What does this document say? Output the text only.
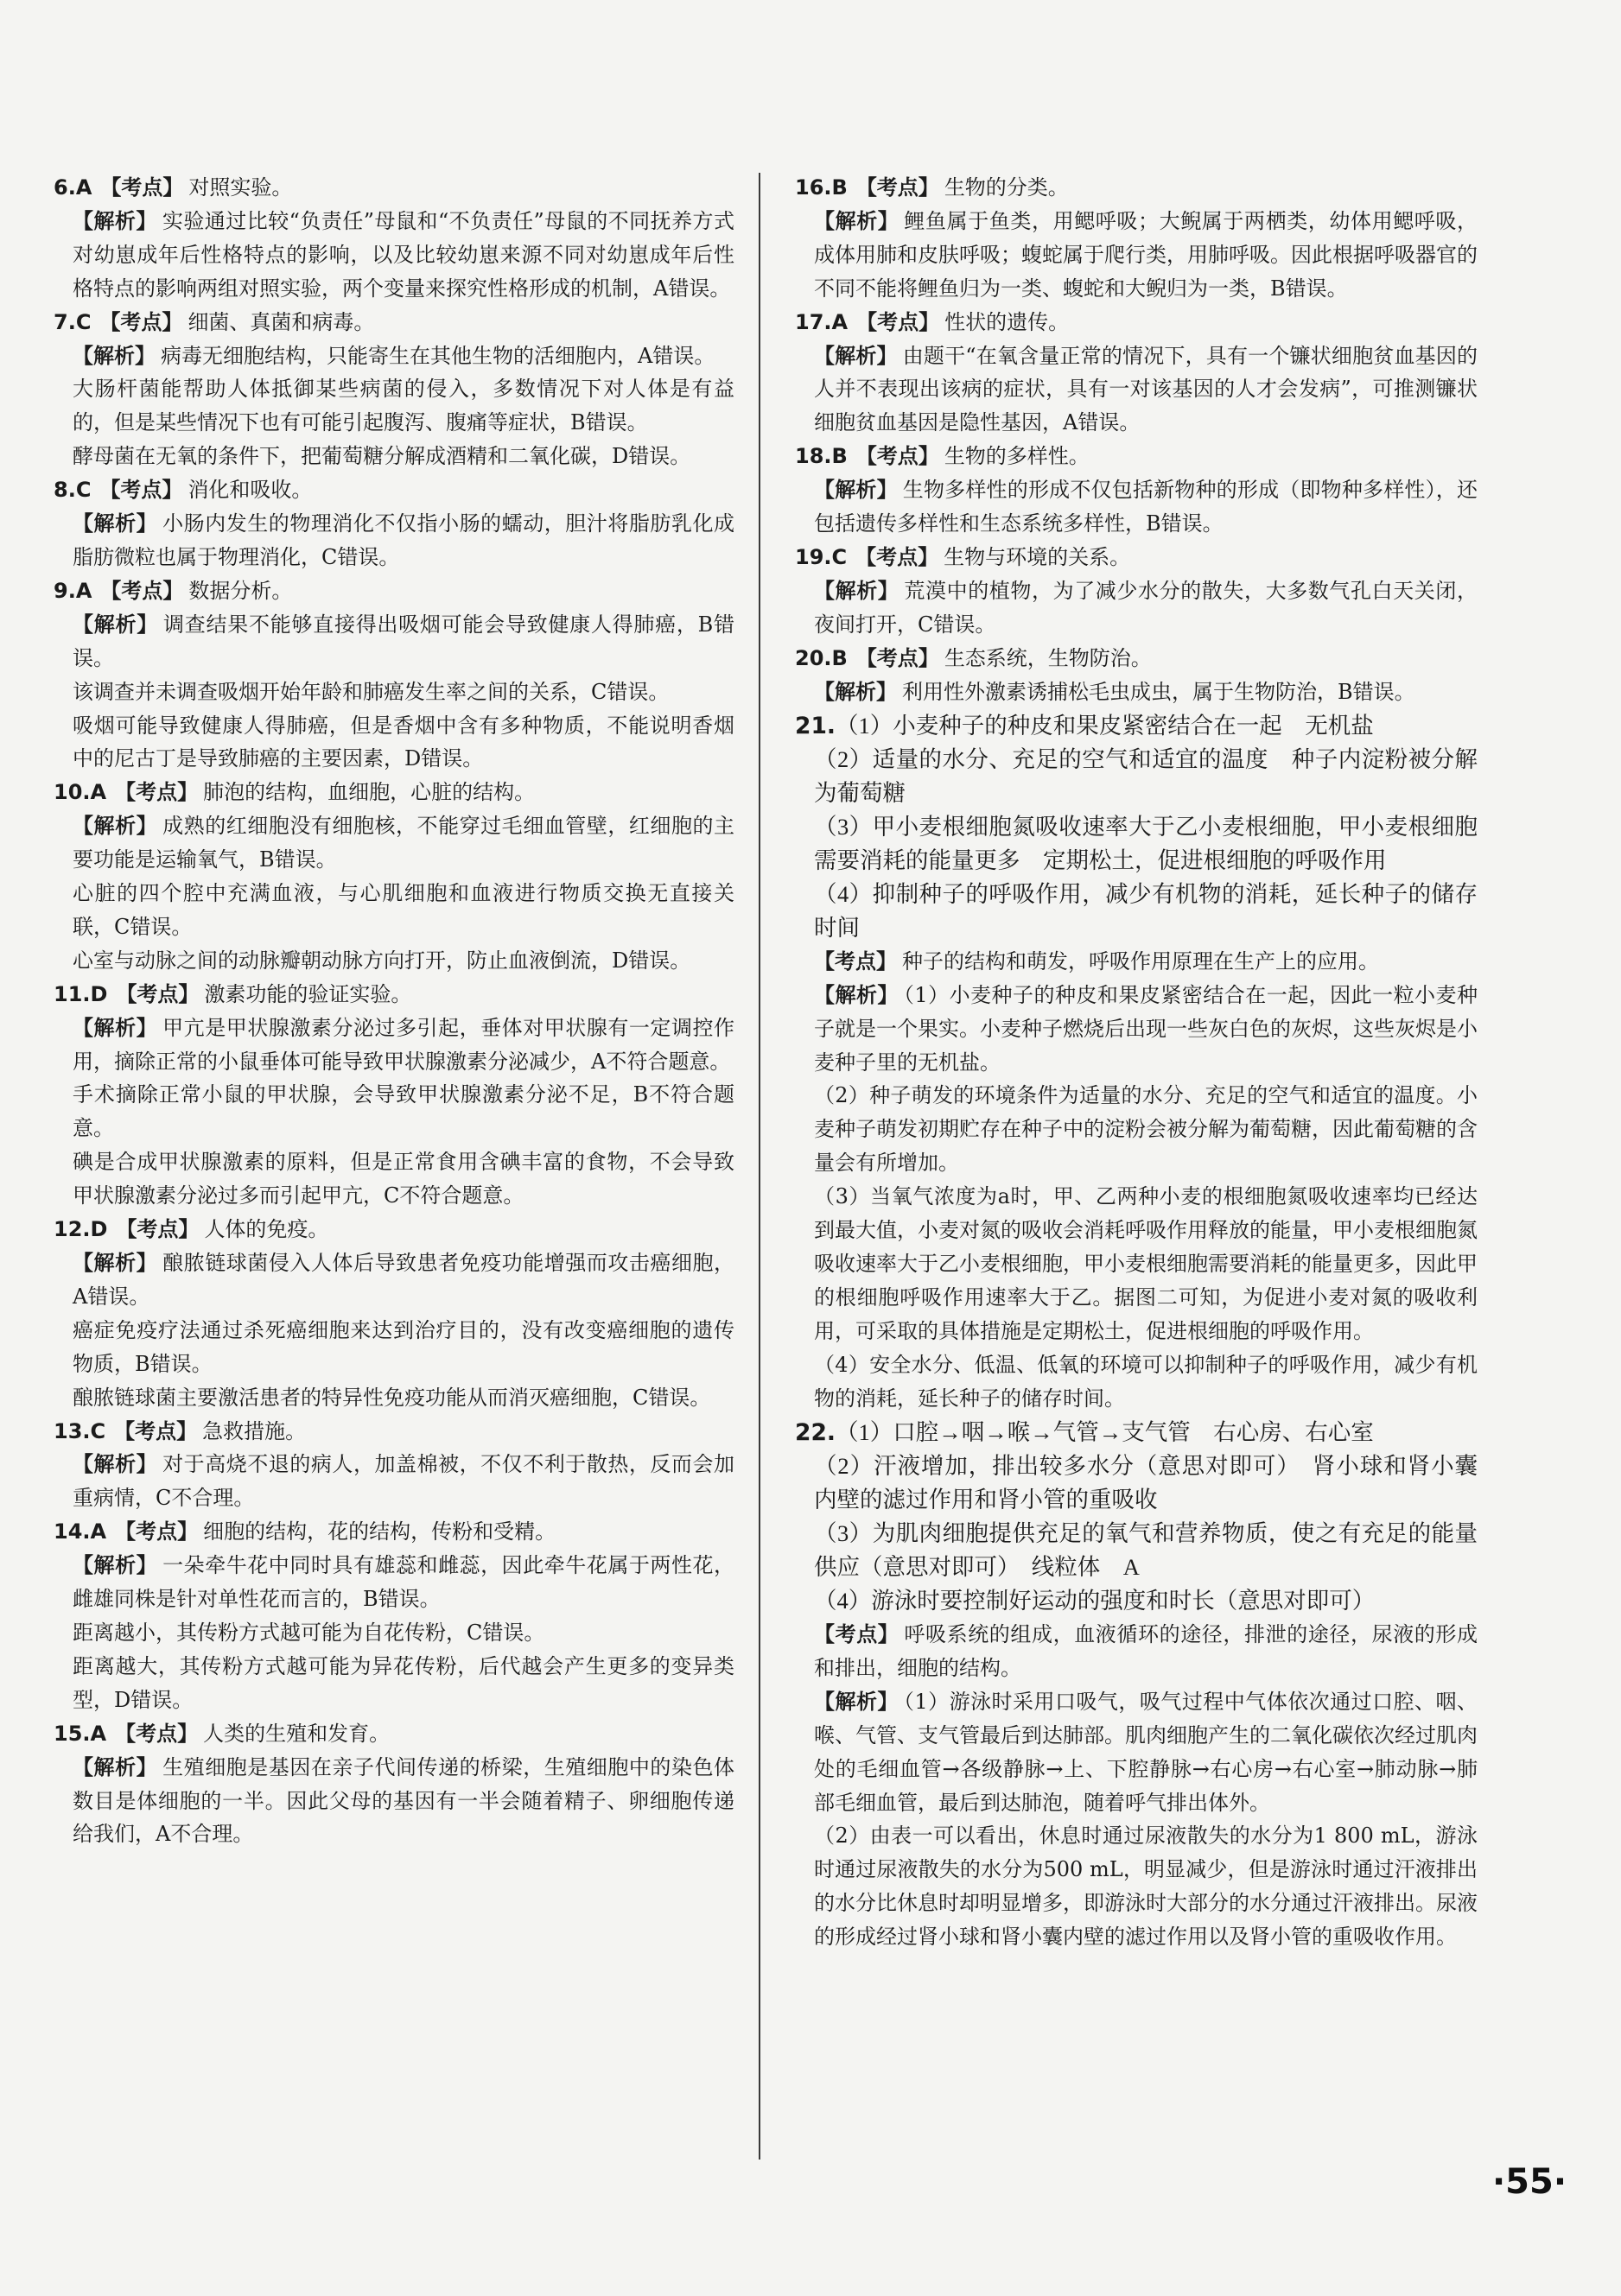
6.A 【考点】 对照实验。

【解析】 实验通过比较“负责任”母鼠和“不负责任”母鼠的不同抚养方式对幼崽成年后性格特点的影响，以及比较幼崽来源不同对幼崽成年后性格特点的影响两组对照实验，两个变量来探究性格形成的机制，A错误。

7.C 【考点】 细菌、真菌和病毒。

【解析】 病毒无细胞结构，只能寄生在其他生物的活细胞内，A错误。

大肠杆菌能帮助人体抵御某些病菌的侵入，多数情况下对人体是有益的，但是某些情况下也有可能引起腹泻、腹痛等症状，B错误。

酵母菌在无氧的条件下，把葡萄糖分解成酒精和二氧化碳，D错误。

8.C 【考点】 消化和吸收。

【解析】 小肠内发生的物理消化不仅指小肠的蠕动，胆汁将脂肪乳化成脂肪微粒也属于物理消化，C错误。

9.A 【考点】 数据分析。

【解析】 调查结果不能够直接得出吸烟可能会导致健康人得肺癌，B错误。

该调查并未调查吸烟开始年龄和肺癌发生率之间的关系，C错误。

吸烟可能导致健康人得肺癌，但是香烟中含有多种物质，不能说明香烟中的尼古丁是导致肺癌的主要因素，D错误。

10.A 【考点】 肺泡的结构，血细胞，心脏的结构。

【解析】 成熟的红细胞没有细胞核，不能穿过毛细血管壁，红细胞的主要功能是运输氧气，B错误。

心脏的四个腔中充满血液，与心肌细胞和血液进行物质交换无直接关联，C错误。

心室与动脉之间的动脉瓣朝动脉方向打开，防止血液倒流，D错误。

11.D 【考点】 激素功能的验证实验。

【解析】 甲亢是甲状腺激素分泌过多引起，垂体对甲状腺有一定调控作用，摘除正常的小鼠垂体可能导致甲状腺激素分泌减少，A不符合题意。

手术摘除正常小鼠的甲状腺，会导致甲状腺激素分泌不足，B不符合题意。

碘是合成甲状腺激素的原料，但是正常食用含碘丰富的食物，不会导致甲状腺激素分泌过多而引起甲亢，C不符合题意。

12.D 【考点】 人体的免疫。

【解析】 酿脓链球菌侵入人体后导致患者免疫功能增强而攻击癌细胞，A错误。

癌症免疫疗法通过杀死癌细胞来达到治疗目的，没有改变癌细胞的遗传物质，B错误。

酿脓链球菌主要激活患者的特异性免疫功能从而消灭癌细胞，C错误。

13.C 【考点】 急救措施。

【解析】 对于高烧不退的病人，加盖棉被，不仅不利于散热，反而会加重病情，C不合理。

14.A 【考点】 细胞的结构，花的结构，传粉和受精。

【解析】 一朵牵牛花中同时具有雄蕊和雌蕊，因此牵牛花属于两性花，雌雄同株是针对单性花而言的，B错误。

距离越小，其传粉方式越可能为自花传粉，C错误。

距离越大，其传粉方式越可能为异花传粉，后代越会产生更多的变异类型，D错误。

15.A 【考点】 人类的生殖和发育。

【解析】 生殖细胞是基因在亲子代间传递的桥梁，生殖细胞中的染色体数目是体细胞的一半。因此父母的基因有一半会随着精子、卵细胞传递给我们，A不合理。

16.B 【考点】 生物的分类。

【解析】 鲤鱼属于鱼类，用鳃呼吸；大鲵属于两栖类，幼体用鳃呼吸，成体用肺和皮肤呼吸；蝮蛇属于爬行类，用肺呼吸。因此根据呼吸器官的不同不能将鲤鱼归为一类、蝮蛇和大鲵归为一类，B错误。

17.A 【考点】 性状的遗传。

【解析】 由题干“在氧含量正常的情况下，具有一个镰状细胞贫血基因的人并不表现出该病的症状，具有一对该基因的人才会发病”，可推测镰状细胞贫血基因是隐性基因，A错误。

18.B 【考点】 生物的多样性。

【解析】 生物多样性的形成不仅包括新物种的形成（即物种多样性），还包括遗传多样性和生态系统多样性，B错误。

19.C 【考点】 生物与环境的关系。

【解析】 荒漠中的植物，为了减少水分的散失，大多数气孔白天关闭，夜间打开，C错误。

20.B 【考点】 生态系统，生物防治。

【解析】 利用性外激素诱捕松毛虫成虫，属于生物防治，B错误。

21.（1）小麦种子的种皮和果皮紧密结合在一起　无机盐

（2）适量的水分、充足的空气和适宜的温度　种子内淀粉被分解为葡萄糖

（3）甲小麦根细胞氮吸收速率大于乙小麦根细胞，甲小麦根细胞需要消耗的能量更多　定期松土，促进根细胞的呼吸作用

（4）抑制种子的呼吸作用，减少有机物的消耗，延长种子的储存时间

【考点】 种子的结构和萌发，呼吸作用原理在生产上的应用。

【解析】 （1）小麦种子的种皮和果皮紧密结合在一起，因此一粒小麦种子就是一个果实。小麦种子燃烧后出现一些灰白色的灰烬，这些灰烬是小麦种子里的无机盐。

（2）种子萌发的环境条件为适量的水分、充足的空气和适宜的温度。小麦种子萌发初期贮存在种子中的淀粉会被分解为葡萄糖，因此葡萄糖的含量会有所增加。

（3）当氧气浓度为a时，甲、乙两种小麦的根细胞氮吸收速率均已经达到最大值，小麦对氮的吸收会消耗呼吸作用释放的能量，甲小麦根细胞氮吸收速率大于乙小麦根细胞，甲小麦根细胞需要消耗的能量更多，因此甲的根细胞呼吸作用速率大于乙。据图二可知，为促进小麦对氮的吸收利用，可采取的具体措施是定期松土，促进根细胞的呼吸作用。

（4）安全水分、低温、低氧的环境可以抑制种子的呼吸作用，减少有机物的消耗，延长种子的储存时间。

22.（1）口腔→咽→喉→气管→支气管　右心房、右心室

（2）汗液增加，排出较多水分（意思对即可）　肾小球和肾小囊内壁的滤过作用和肾小管的重吸收

（3）为肌肉细胞提供充足的氧气和营养物质，使之有充足的能量供应（意思对即可）　线粒体　A

（4）游泳时要控制好运动的强度和时长（意思对即可）

【考点】 呼吸系统的组成，血液循环的途径，排泄的途径，尿液的形成和排出，细胞的结构。

【解析】 （1）游泳时采用口吸气，吸气过程中气体依次通过口腔、咽、喉、气管、支气管最后到达肺部。肌肉细胞产生的二氧化碳依次经过肌肉处的毛细血管→各级静脉→上、下腔静脉→右心房→右心室→肺动脉→肺部毛细血管，最后到达肺泡，随着呼气排出体外。

（2）由表一可以看出，休息时通过尿液散失的水分为1 800 mL，游泳时通过尿液散失的水分为500 mL，明显减少，但是游泳时通过汗液排出的水分比休息时却明显增多，即游泳时大部分的水分通过汗液排出。尿液的形成经过肾小球和肾小囊内壁的滤过作用以及肾小管的重吸收作用。

·55·
